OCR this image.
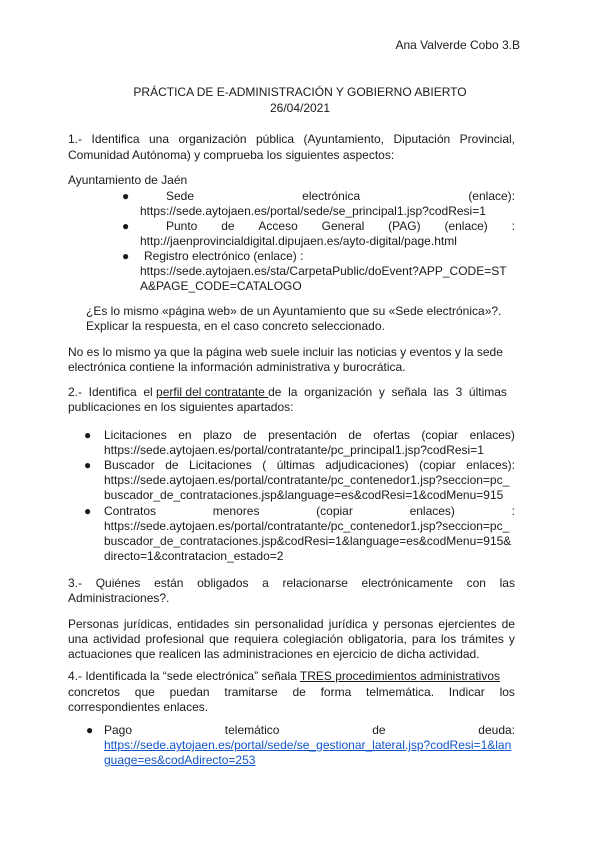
Ana Valverde Cobo 3.B
PRÁCTICA DE E-ADMINISTRACIÓN Y GOBIERNO ABIERTO
26/04/2021
1.- Identifica una organización pública (Ayuntamiento, Diputación Provincial,
Comunidad Autónoma) y comprueba los siguientes aspectos:
Ayuntamiento de Jaén
●	Sede	electrónica	(enlace):
https://sede.aytojaen.es/portal/sede/se_principal1.jsp?codResi=1
●	Punto de Acceso General (PAG) (enlace) :
http://jaenprovincialdigital.dipujaen.es/ayto-digital/page.html
● Registro electrónico (enlace) :
https://sede.aytojaen.es/sta/CarpetaPublic/doEvent?APP_CODE=ST
A&PAGE_CODE=CATALOGO
¿Es lo mismo «página web» de un Ayuntamiento que su «Sede electrónica»?.
Explicar la respuesta, en el caso concreto seleccionado.
No es lo mismo ya que la página web suele incluir las noticias y eventos y la sede
electrónica contiene la información administrativa y burocrática.
2.-  Identifica  el perfil del contratante de  la  organización  y  señala  las  3  últimas
publicaciones en los siguientes apartados:
● Licitaciones en plazo de presentación de ofertas (copiar enlaces)
https://sede.aytojaen.es/portal/contratante/pc_principal1.jsp?codResi=1
● Buscador de Licitaciones ( últimas adjudicaciones) (copiar enlaces):
https://sede.aytojaen.es/portal/contratante/pc_contenedor1.jsp?seccion=pc_
buscador_de_contrataciones.jsp&language=es&codResi=1&codMenu=915
● Contratos	menores	(copiar	enlaces)	:
https://sede.aytojaen.es/portal/contratante/pc_contenedor1.jsp?seccion=pc_
buscador_de_contrataciones.jsp&codResi=1&language=es&codMenu=915&
directo=1&contratacion_estado=2
3.- Quiénes están obligados a relacionarse electrónicamente con las
Administraciones?.
Personas jurídicas, entidades sin personalidad jurídica y personas ejercientes de
una actividad profesional que requiera colegiación obligatoria, para los trámites y
actuaciones que realicen las administraciones en ejercicio de dicha actividad.
4.- Identificada la “sede electrónica” señala TRES procedimientos administrativos
concretos que puedan tramitarse de forma telmemática. Indicar los
correspondientes enlaces.
● Pago	telemático	de	deuda:
https://sede.aytojaen.es/portal/sede/se_gestionar_lateral.jsp?codResi=1&lan
guage=es&codAdirecto=253
